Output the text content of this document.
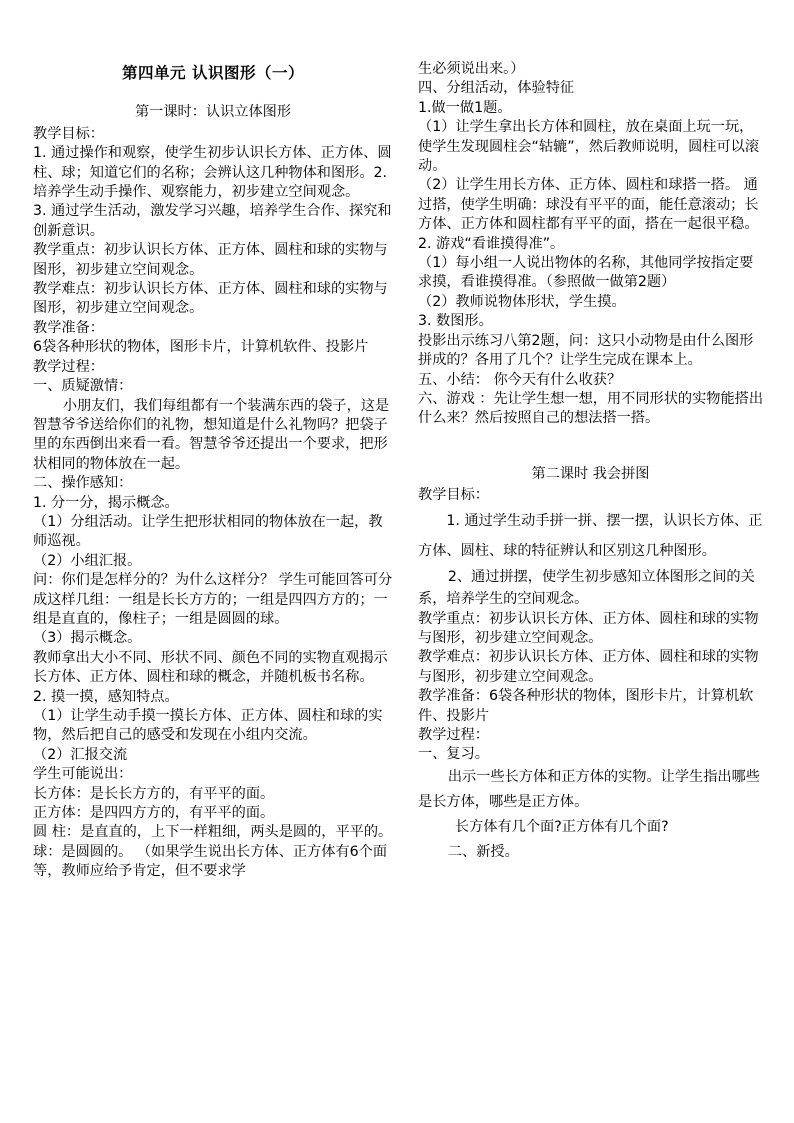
第四单元 认识图形（一）

第一课时：认识立体图形

教学目标：

1. 通过操作和观察，使学生初步认识长方体、正方体、圆柱、球；知道它们的名称；会辨认这几种物体和图形。2. 培养学生动手操作、观察能力，初步建立空间观念。

3. 通过学生活动，激发学习兴趣，培养学生合作、探究和创新意识。

教学重点：初步认识长方体、正方体、圆柱和球的实物与图形，初步建立空间观念。

教学难点：初步认识长方体、正方体、圆柱和球的实物与图形，初步建立空间观念。

教学准备：

6袋各种形状的物体，图形卡片，计算机软件、投影片

教学过程：

一、质疑激情：

小朋友们，我们每组都有一个装满东西的袋子，这是智慧爷爷送给你们的礼物，想知道是什么礼物吗？把袋子里的东西倒出来看一看。智慧爷爷还提出一个要求，把形状相同的物体放在一起。

二、操作感知：

1. 分一分，揭示概念。

（1）分组活动。让学生把形状相同的物体放在一起，教师巡视。

（2）小组汇报。

问：你们是怎样分的？为什么这样分？ 学生可能回答可分成这样几组：一组是长长方方的；一组是四四方方的；一组是直直的，像柱子；一组是圆圆的球。

（3）揭示概念。

教师拿出大小不同、形状不同、颜色不同的实物直观揭示长方体、正方体、圆柱和球的概念，并随机板书名称。

2. 摸一摸，感知特点。

（1）让学生动手摸一摸长方体、正方体、圆柱和球的实物，然后把自己的感受和发现在小组内交流。

（2）汇报交流

学生可能说出：

长方体：是长长方方的，有平平的面。

正方体：是四四方方的，有平平的面。

圆 柱：是直直的，上下一样粗细，两头是圆的，平平的。 球：是圆圆的。 （如果学生说出长方体、正方体有6个面等，教师应给予肯定，但不要求学

生必须说出来。）

四、分组活动，体验特征

1.做一做1题。

（1）让学生拿出长方体和圆柱，放在桌面上玩一玩，使学生发现圆柱会“轱辘”，然后教师说明，圆柱可以滚动。

（2）让学生用长方体、正方体、圆柱和球搭一搭。 通过搭，使学生明确：球没有平平的面，能任意滚动；长方体、正方体和圆柱都有平平的面，搭在一起很平稳。

2. 游戏“看谁摸得准”。

（1）每小组一人说出物体的名称，其他同学按指定要求摸，看谁摸得准。（参照做一做第2题）

（2）教师说物体形状，学生摸。

3. 数图形。

投影出示练习八第2题，问：这只小动物是由什么图形拼成的？各用了几个？让学生完成在课本上。

五、小结： 你今天有什么收获？

六、游戏 ：先让学生想一想，用不同形状的实物能搭出什么来？然后按照自己的想法搭一搭。

第二课时 我会拼图

教学目标：

1. 通过学生动手拼一拼、摆一摆，认识长方体、正方体、圆柱、球的特征辨认和区别这几种图形。

2、通过拼摆，使学生初步感知立体图形之间的关系，培养学生的空间观念。

教学重点：初步认识长方体、正方体、圆柱和球的实物与图形，初步建立空间观念。

教学难点：初步认识长方体、正方体、圆柱和球的实物与图形，初步建立空间观念。

教学准备：6袋各种形状的物体，图形卡片，计算机软件、投影片

教学过程：

一、复习。

出示一些长方体和正方体的实物。让学生指出哪些是长方体，哪些是正方体。

长方体有几个面?正方体有几个面?

二、新授。
